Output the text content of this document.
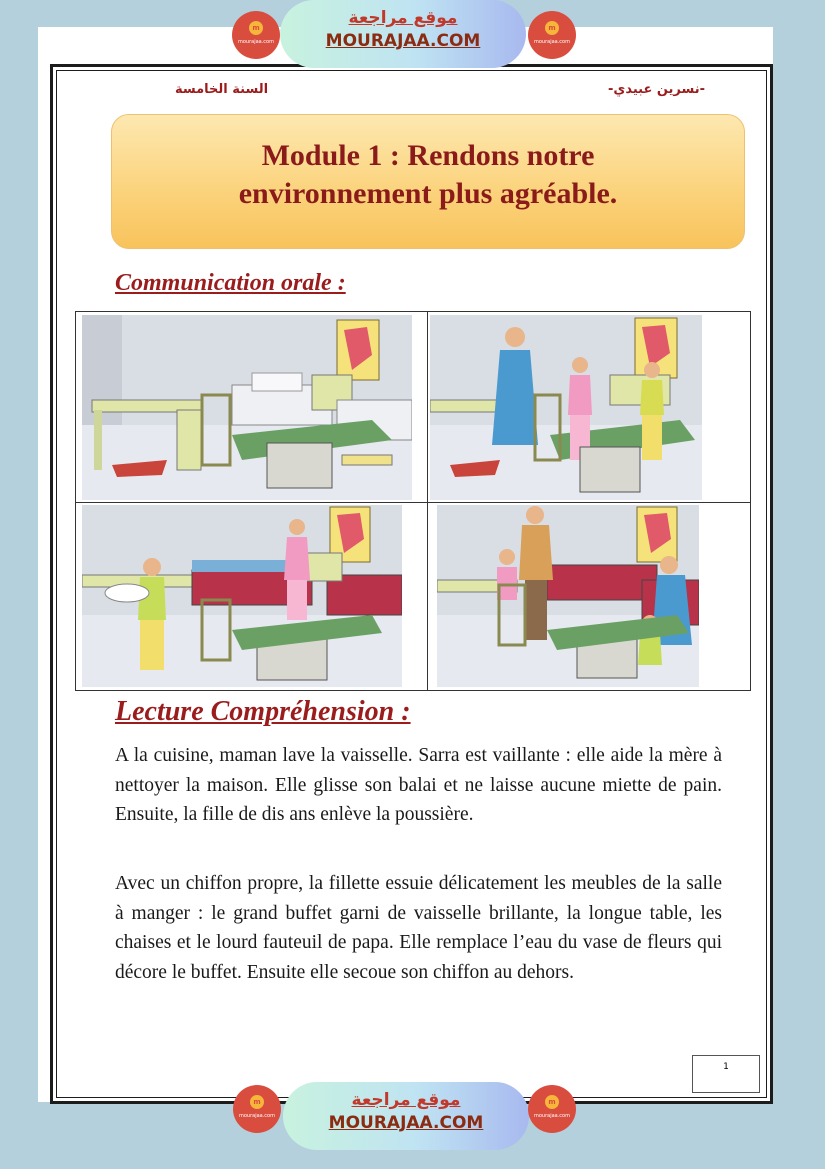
m
mourajaa.com
موقع مراجعة
MOURAJAA.COM
m
mourajaa.com
-نسرين عبيدي-
السنة الخامسة
Module 1 : Rendons notre
environnement plus agréable.
Communication orale :
Lecture Compréhension :
A la cuisine, maman lave la vaisselle. Sarra est vaillante : elle aide la mère à nettoyer la maison. Elle glisse son balai et ne laisse aucune miette de pain. Ensuite, la fille de dis ans enlève la poussière.
Avec un chiffon propre, la fillette essuie délicatement les meubles de la salle à manger : le grand buffet garni de vaisselle brillante, la longue table, les chaises et le lourd fauteuil de papa. Elle remplace l’eau du vase de fleurs qui décore le buffet. Ensuite elle secoue son chiffon au dehors.
1
m
mourajaa.com
موقع مراجعة
MOURAJAA.COM
m
mourajaa.com
